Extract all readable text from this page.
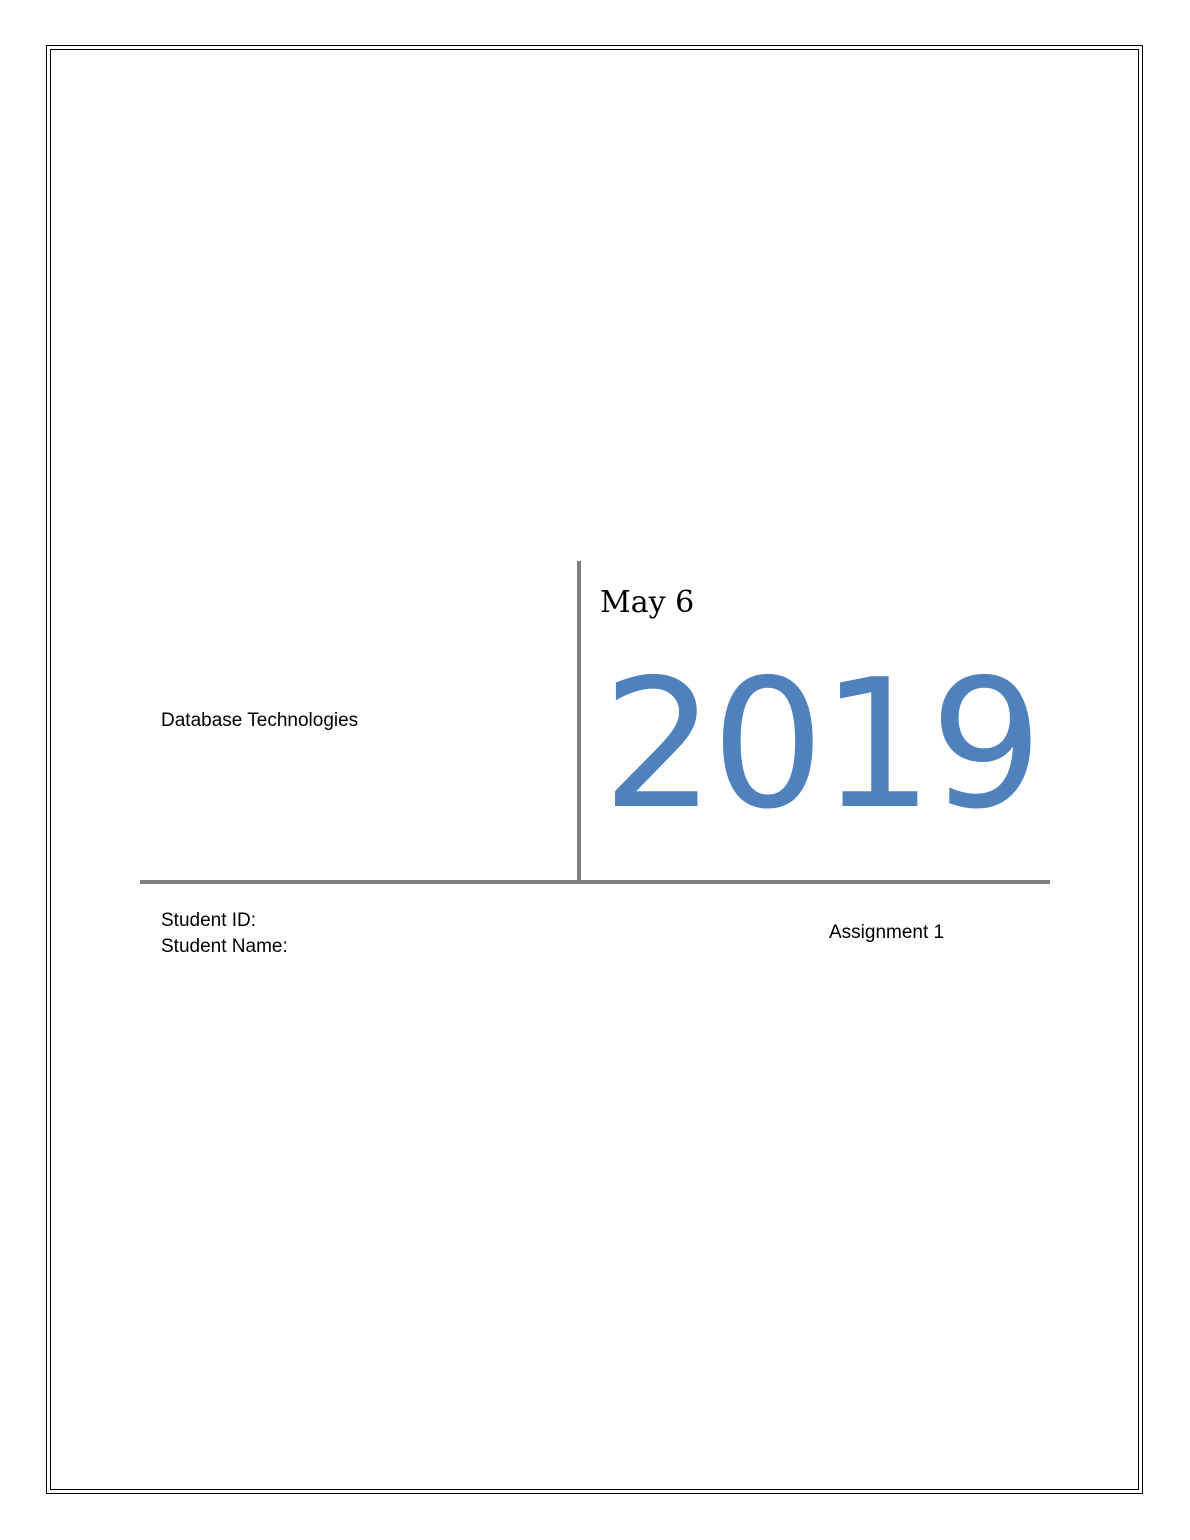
Database Technologies
May 6
2019
Student ID:
Student Name:
Assignment 1
